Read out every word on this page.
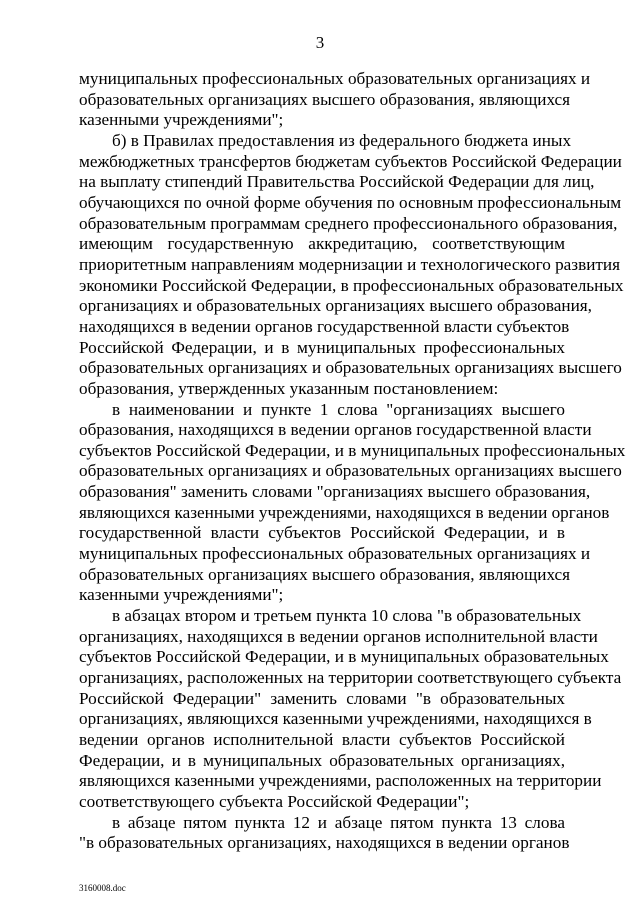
3
муниципальных профессиональных образовательных организациях и
образовательных организациях высшего образования, являющихся
казенными учреждениями";
б) в Правилах предоставления из федерального бюджета иных
межбюджетных трансфертов бюджетам субъектов Российской Федерации
на выплату стипендий Правительства Российской Федерации для лиц,
обучающихся по очной форме обучения по основным профессиональным
образовательным программам среднего профессионального образования,
имеющим государственную аккредитацию, соответствующим
приоритетным направлениям модернизации и технологического развития
экономики Российской Федерации, в профессиональных образовательных
организациях и образовательных организациях высшего образования,
находящихся в ведении органов государственной власти субъектов
Российской Федерации, и в муниципальных профессиональных
образовательных организациях и образовательных организациях высшего
образования, утвержденных указанным постановлением:
в наименовании и пункте 1 слова "организациях высшего
образования, находящихся в ведении органов государственной власти
субъектов Российской Федерации, и в муниципальных профессиональных
образовательных организациях и образовательных организациях высшего
образования" заменить словами "организациях высшего образования,
являющихся казенными учреждениями, находящихся в ведении органов
государственной власти субъектов Российской Федерации, и в
муниципальных профессиональных образовательных организациях и
образовательных организациях высшего образования, являющихся
казенными учреждениями";
в абзацах втором и третьем пункта 10 слова "в образовательных
организациях, находящихся в ведении органов исполнительной власти
субъектов Российской Федерации, и в муниципальных образовательных
организациях, расположенных на территории соответствующего субъекта
Российской Федерации" заменить словами "в образовательных
организациях, являющихся казенными учреждениями, находящихся в
ведении органов исполнительной власти субъектов Российской
Федерации, и в муниципальных образовательных организациях,
являющихся казенными учреждениями, расположенных на территории
соответствующего субъекта Российской Федерации";
в абзаце пятом пункта 12 и абзаце пятом пункта 13 слова
"в образовательных организациях, находящихся в ведении органов
3160008.doc
